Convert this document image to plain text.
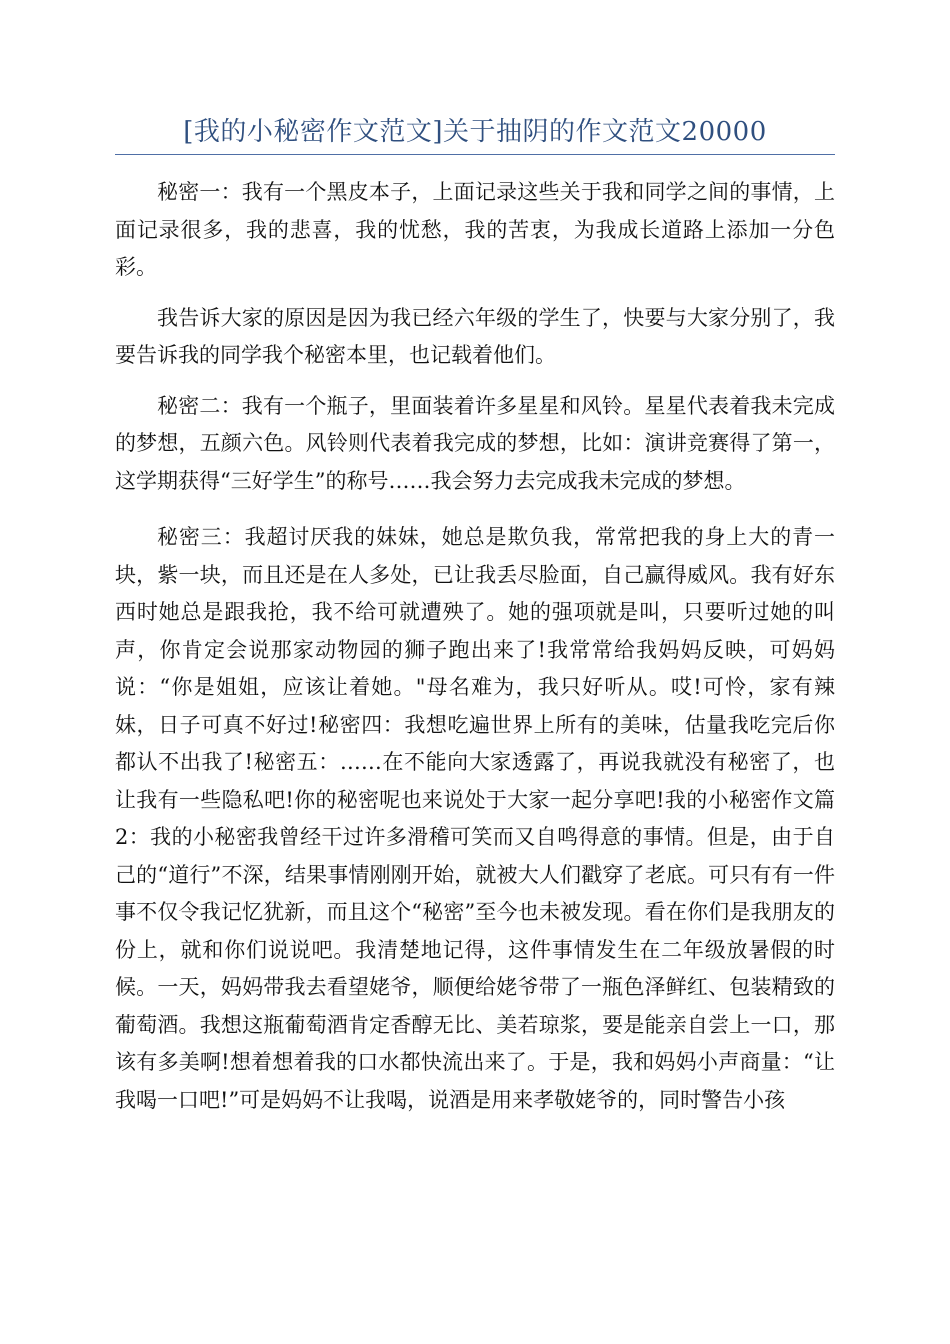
[我的小秘密作文范文]关于抽阴的作文范文20000

秘密一：我有一个黑皮本子，上面记录这些关于我和同学之间的事情，上面记录很多，我的悲喜，我的忧愁，我的苦衷，为我成长道路上添加一分色彩。

我告诉大家的原因是因为我已经六年级的学生了，快要与大家分别了，我要告诉我的同学我个秘密本里，也记载着他们。

秘密二：我有一个瓶子，里面装着许多星星和风铃。星星代表着我未完成的梦想，五颜六色。风铃则代表着我完成的梦想，比如：演讲竞赛得了第一，这学期获得“三好学生”的称号……我会努力去完成我未完成的梦想。

秘密三：我超讨厌我的妹妹，她总是欺负我，常常把我的身上大的青一块，紫一块，而且还是在人多处，已让我丢尽脸面，自己赢得威风。我有好东西时她总是跟我抢，我不给可就遭殃了。她的强项就是叫，只要听过她的叫声，你肯定会说那家动物园的狮子跑出来了!我常常给我妈妈反映，可妈妈说：“你是姐姐，应该让着她。"母名难为，我只好听从。哎!可怜，家有辣妹，日子可真不好过!秘密四：我想吃遍世界上所有的美味，估量我吃完后你都认不出我了!秘密五：……在不能向大家透露了，再说我就没有秘密了，也让我有一些隐私吧!你的秘密呢也来说处于大家一起分享吧!我的小秘密作文篇2：我的小秘密我曾经干过许多滑稽可笑而又自鸣得意的事情。但是，由于自己的“道行”不深，结果事情刚刚开始，就被大人们戳穿了老底。可只有有一件事不仅令我记忆犹新，而且这个“秘密”至今也未被发现。看在你们是我朋友的份上，就和你们说说吧。我清楚地记得，这件事情发生在二年级放暑假的时候。一天，妈妈带我去看望姥爷，顺便给姥爷带了一瓶色泽鲜红、包装精致的葡萄酒。我想这瓶葡萄酒肯定香醇无比、美若琼浆，要是能亲自尝上一口，那该有多美啊!想着想着我的口水都快流出来了。于是，我和妈妈小声商量：“让我喝一口吧!”可是妈妈不让我喝，说酒是用来孝敬姥爷的，同时警告小孩
